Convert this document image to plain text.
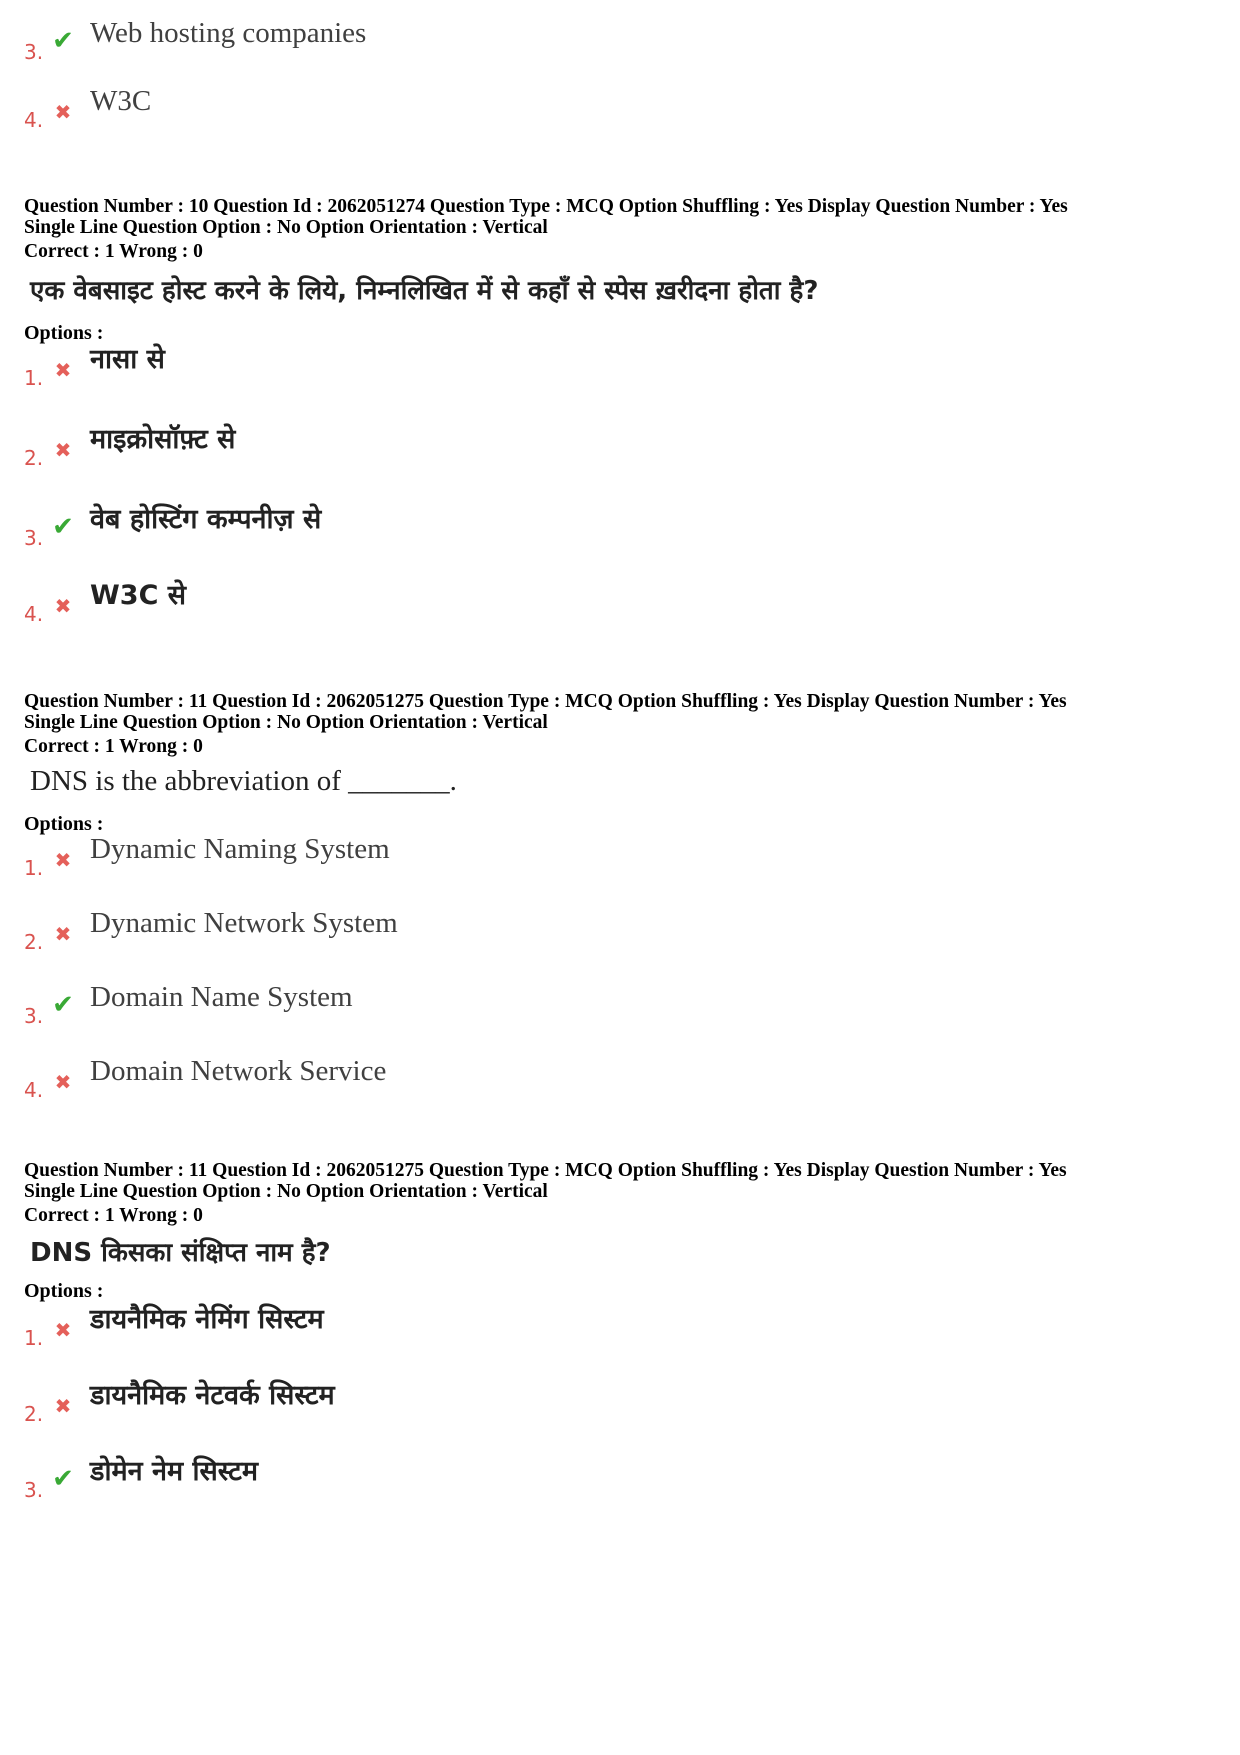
3. ✔ Web hosting companies
4. ✖ W3C
Question Number : 10 Question Id : 2062051274 Question Type : MCQ Option Shuffling : Yes Display Question Number : Yes
Single Line Question Option : No Option Orientation : Vertical
Correct : 1 Wrong : 0
एक वेबसाइट होस्ट करने के लिये, निम्नलिखित में से कहाँ से स्पेस ख़रीदना होता है?
Options :
1. ✖ नासा से
2. ✖ माइक्रोसॉफ़्ट से
3. ✔ वेब होस्टिंग कम्पनीज़ से
4. ✖ W3C से
Question Number : 11 Question Id : 2062051275 Question Type : MCQ Option Shuffling : Yes Display Question Number : Yes
Single Line Question Option : No Option Orientation : Vertical
Correct : 1 Wrong : 0
DNS is the abbreviation of _______.
Options :
1. ✖ Dynamic Naming System
2. ✖ Dynamic Network System
3. ✔ Domain Name System
4. ✖ Domain Network Service
Question Number : 11 Question Id : 2062051275 Question Type : MCQ Option Shuffling : Yes Display Question Number : Yes
Single Line Question Option : No Option Orientation : Vertical
Correct : 1 Wrong : 0
DNS किसका संक्षिप्त नाम है?
Options :
1. ✖ डायनैमिक नेमिंग सिस्टम
2. ✖ डायनैमिक नेटवर्क सिस्टम
3. ✔ डोमेन नेम सिस्टम
